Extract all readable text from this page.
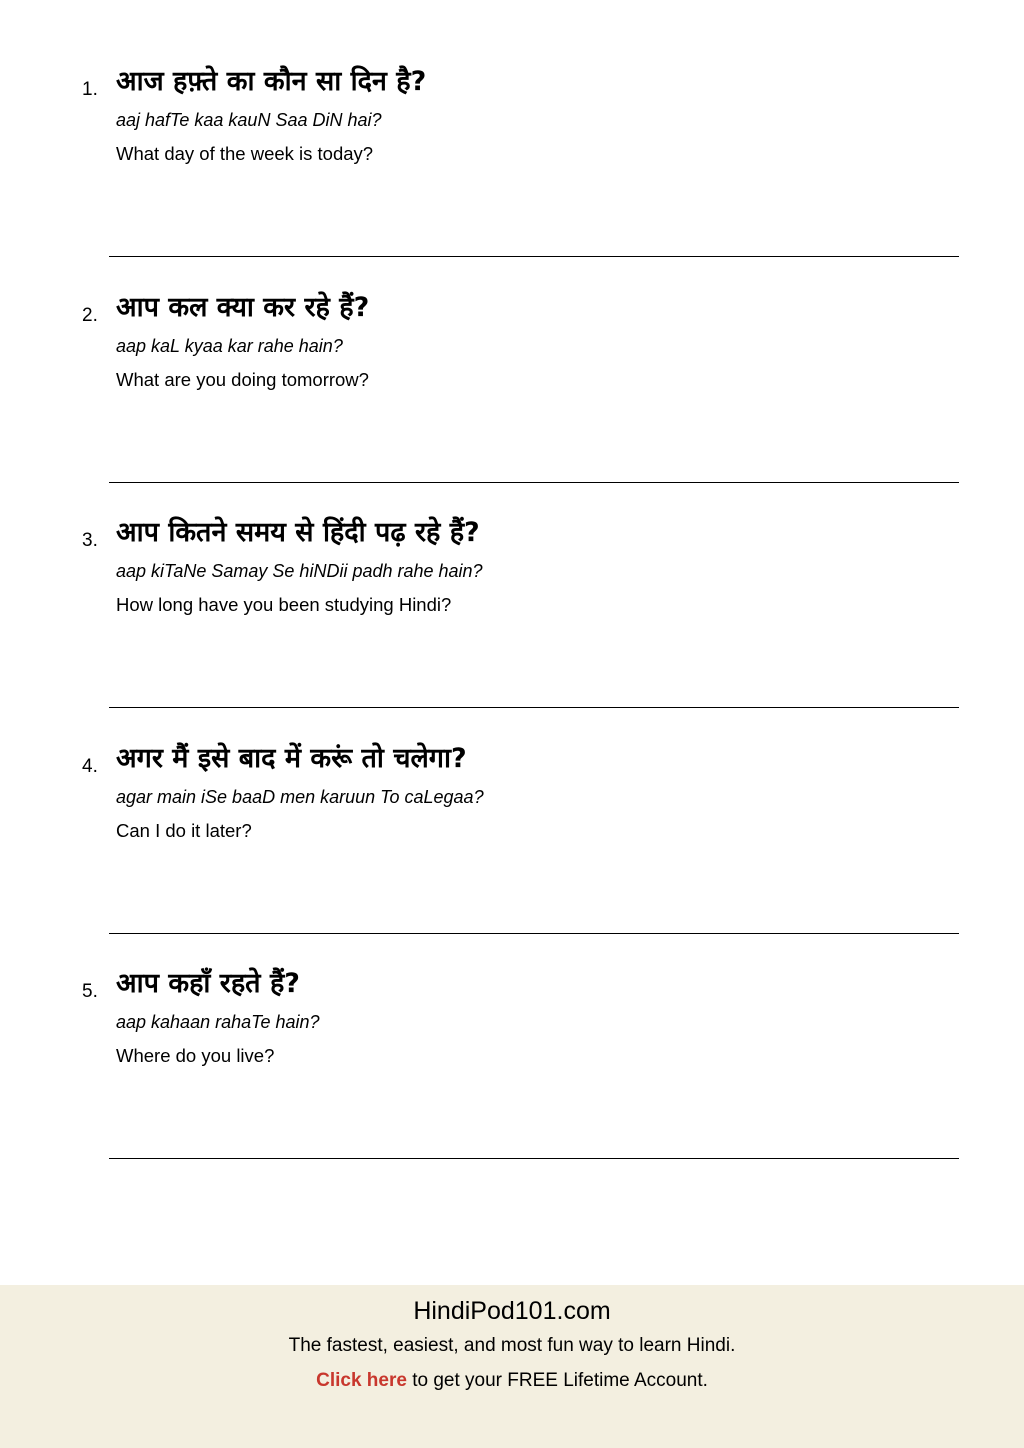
1. आज हफ़्ते का कौन सा दिन है?
aaj hafTe kaa kauN Saa DiN hai?
What day of the week is today?
2. आप कल क्या कर रहे हैं?
aap kaL kyaa kar rahe hain?
What are you doing tomorrow?
3. आप कितने समय से हिंदी पढ़ रहे हैं?
aap kiTaNe Samay Se hiNDii padh rahe hain?
How long have you been studying Hindi?
4. अगर मैं इसे बाद में करूं तो चलेगा?
agar main iSe baaD men karuun To caLegaa?
Can I do it later?
5. आप कहाँ रहते हैं?
aap kahaan rahaTe hain?
Where do you live?
HindiPod101.com
The fastest, easiest, and most fun way to learn Hindi.
Click here to get your FREE Lifetime Account.
